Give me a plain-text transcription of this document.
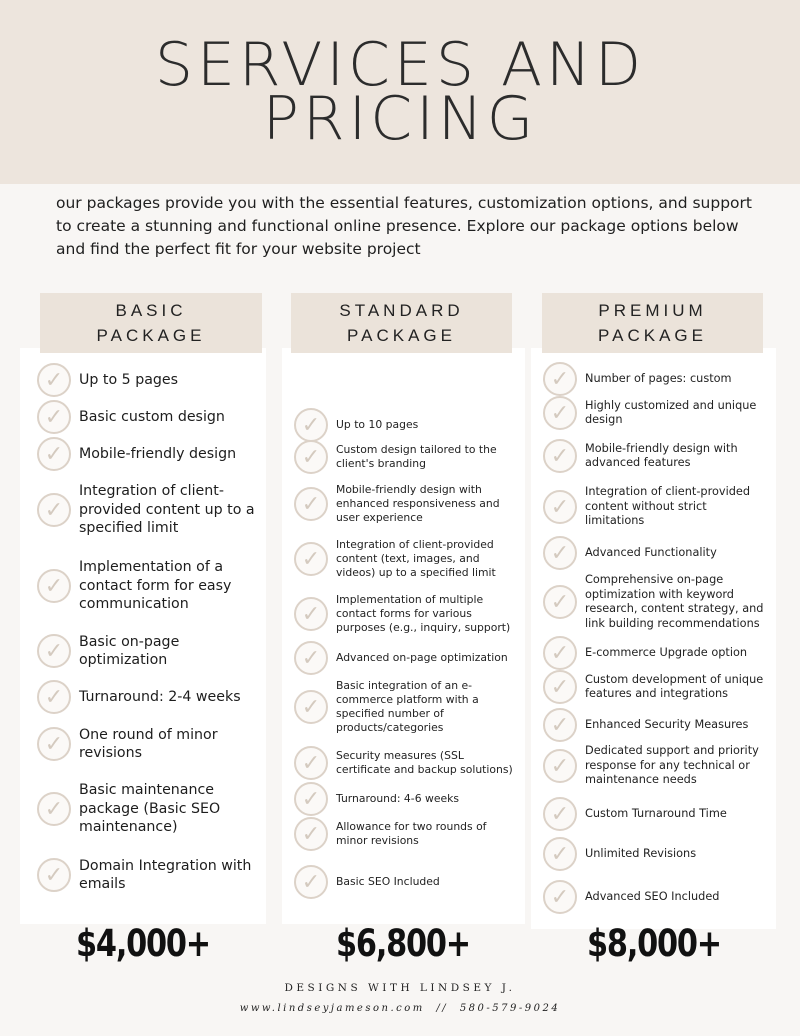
SERVICES AND
PRICING

our packages provide you with the essential features, customization options, and support to create a stunning and functional online presence. Explore our package options below and find the perfect fit for your website project

BASIC
PACKAGE
✓	Up to 5 pages
✓	Basic custom design
✓	Mobile-friendly design
✓
Integration of client-provided content up to a specified limit
✓
Implementation of a contact form for easy communication
✓	Basic on-page optimization
✓	Turnaround: 2-4 weeks
✓	One round of minor revisions
✓
Basic maintenance package (Basic SEO maintenance)
✓	Domain Integration with emails
STANDARD
PACKAGE
✓	Up to 10 pages
✓	Custom design tailored to the client's branding
✓
Mobile-friendly design with enhanced responsiveness and user experience
✓
Integration of client-provided content (text, images, and videos) up to a specified limit
✓
Implementation of multiple contact forms for various purposes (e.g., inquiry, support)
✓	Advanced on-page optimization
✓
Basic integration of an e-commerce platform with a specified number of products/categories
✓	Security measures (SSL certificate and backup solutions)
✓	Turnaround: 4-6 weeks
✓	Allowance for two rounds of minor revisions
✓	Basic SEO Included
PREMIUM
PACKAGE
✓	Number of pages: custom
✓	Highly customized and unique design
✓	Mobile-friendly design with advanced features
✓
Integration of client-provided content without strict limitations
✓	Advanced Functionality
✓
Comprehensive on-page optimization with keyword research, content strategy, and link building recommendations
✓	E-commerce Upgrade option
✓	Custom development of unique features and integrations
✓	Enhanced Security Measures
✓
Dedicated support and priority response for any technical or maintenance needs
✓	Custom Turnaround Time
✓	Unlimited Revisions
✓	Advanced SEO Included
$4,000+	$6,800+	$8,000+
DESIGNS WITH LINDSEY J.
www.lindseyjameson.com // 580-579-9024
